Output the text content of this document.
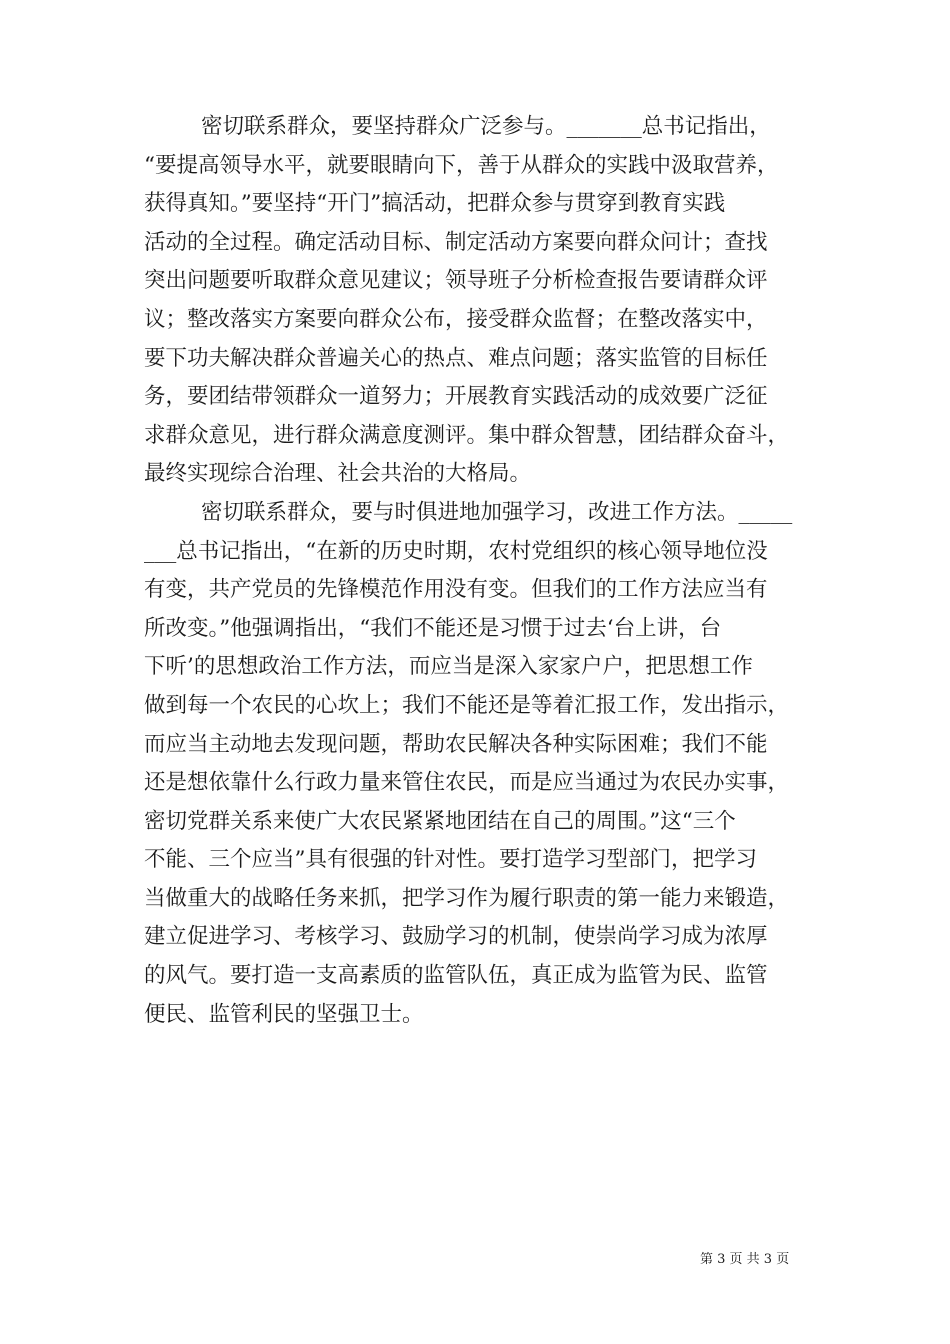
密切联系群众，要坚持群众广泛参与。_______总书记指出，
“要提高领导水平，就要眼睛向下，善于从群众的实践中汲取营养，
获得真知。”要坚持“开门”搞活动，把群众参与贯穿到教育实践
活动的全过程。确定活动目标、制定活动方案要向群众问计；查找
突出问题要听取群众意见建议；领导班子分析检查报告要请群众评
议；整改落实方案要向群众公布，接受群众监督；在整改落实中，
要下功夫解决群众普遍关心的热点、难点问题；落实监管的目标任
务，要团结带领群众一道努力；开展教育实践活动的成效要广泛征
求群众意见，进行群众满意度测评。集中群众智慧，团结群众奋斗，
最终实现综合治理、社会共治的大格局。
密切联系群众，要与时俱进地加强学习，改进工作方法。_____
___总书记指出，“在新的历史时期，农村党组织的核心领导地位没
有变，共产党员的先锋模范作用没有变。但我们的工作方法应当有
所改变。”他强调指出，“我们不能还是习惯于过去‘台上讲，台
下听’的思想政治工作方法，而应当是深入家家户户，把思想工作
做到每一个农民的心坎上；我们不能还是等着汇报工作，发出指示，
而应当主动地去发现问题，帮助农民解决各种实际困难；我们不能
还是想依靠什么行政力量来管住农民，而是应当通过为农民办实事，
密切党群关系来使广大农民紧紧地团结在自己的周围。”这“三个
不能、三个应当”具有很强的针对性。要打造学习型部门，把学习
当做重大的战略任务来抓，把学习作为履行职责的第一能力来锻造，
建立促进学习、考核学习、鼓励学习的机制，使崇尚学习成为浓厚
的风气。要打造一支高素质的监管队伍，真正成为监管为民、监管
便民、监管利民的坚强卫士。
第 3 页 共 3 页
